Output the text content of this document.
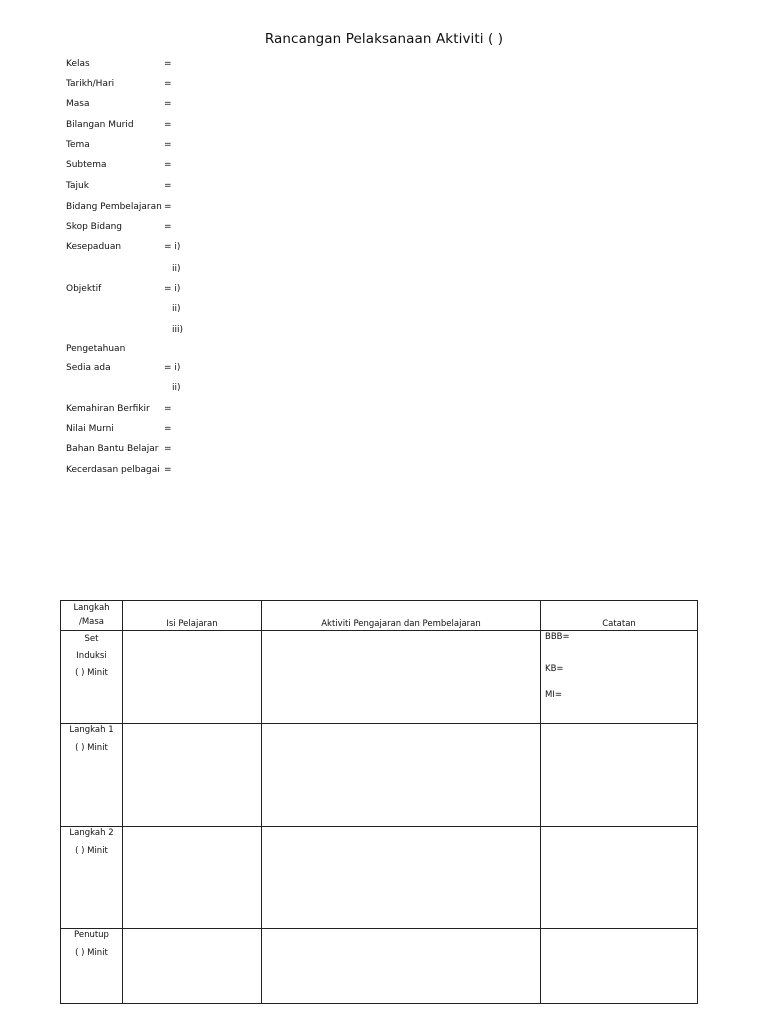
Rancangan Pelaksanaan Aktiviti ( )
Kelas	=
Tarikh/Hari	=
Masa	=
Bilangan Murid	=
Tema	=
Subtema	=
Tajuk	=
Bidang Pembelajaran =
Skop Bidang	=
Kesepaduan	= i)
ii)
Objektif	= i)
ii)
iii)
Pengetahuan
Sedia ada	= i)
ii)
Kemahiran Berfikir =
Nilai Murni	=
Bahan Bantu Belajar =
Kecerdasan pelbagai =
Langkah
/Masa	Isi Pelajaran	Aktiviti Pengajaran dan Pembelajaran	Catatan

Set
Induksi
( ) Minit			BBB=
KB=
MI=

Langkah 1
( ) Minit			

Langkah 2
( ) Minit			

Penutup
( ) Minit			
